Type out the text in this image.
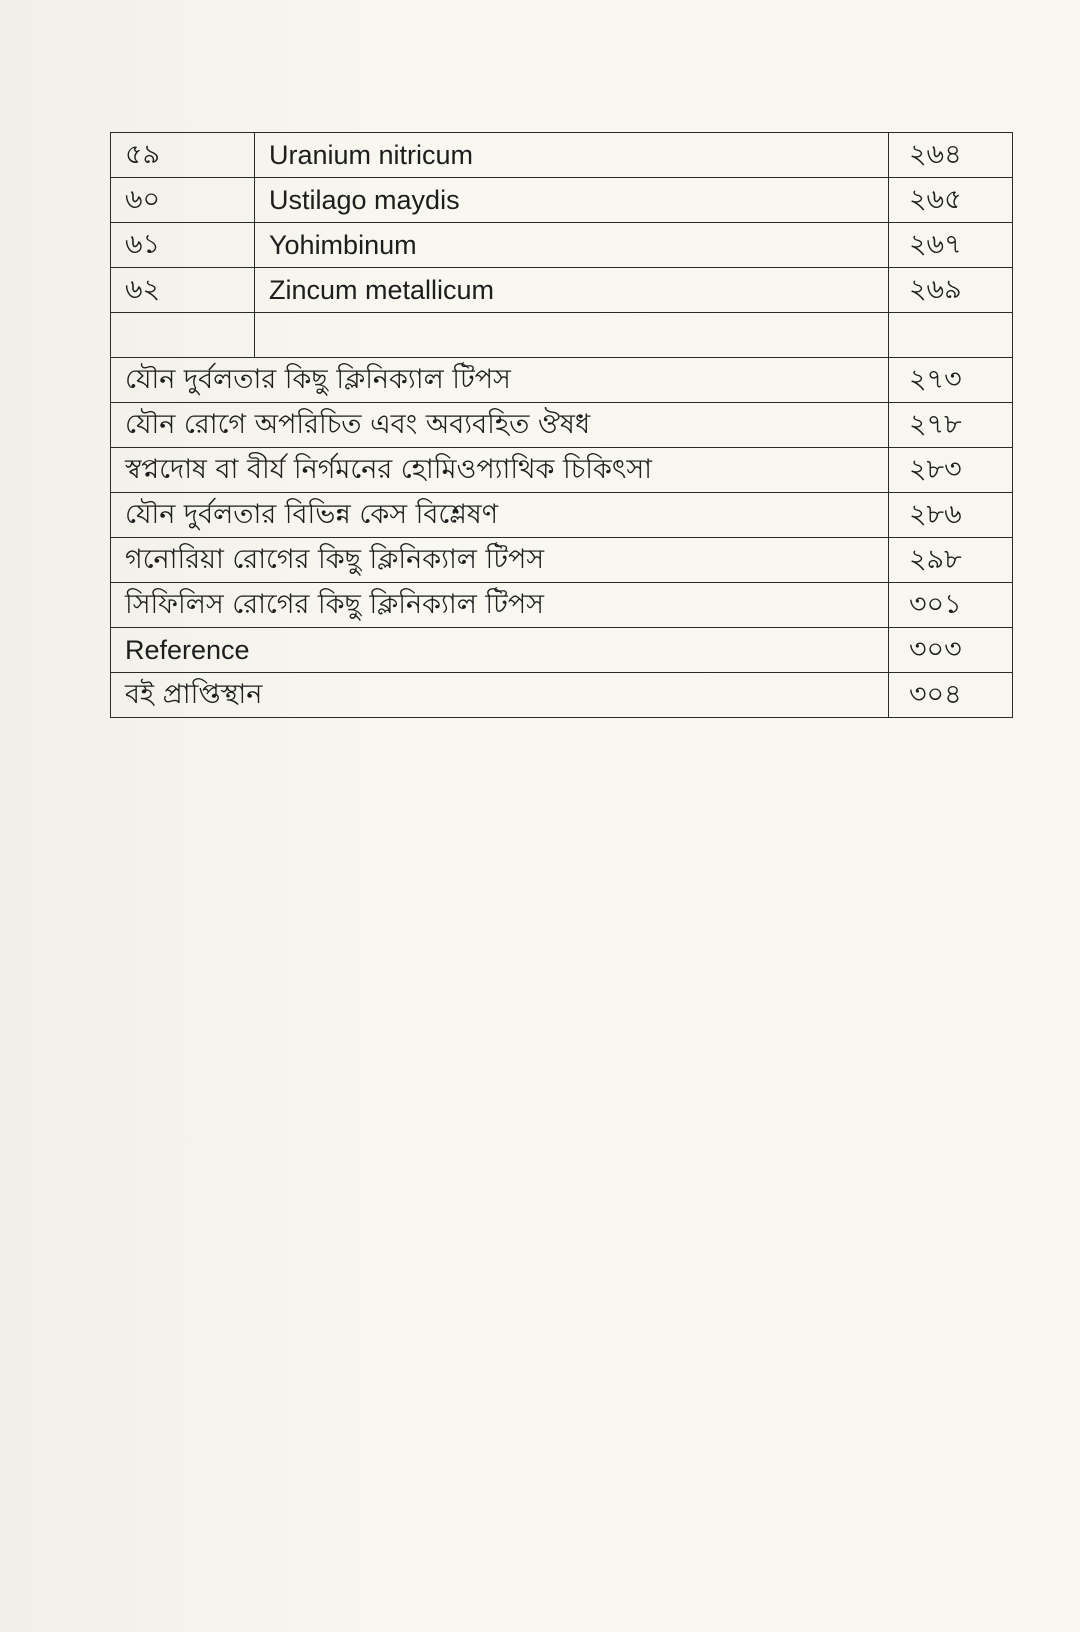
৫৯	Uranium nitricum	২৬৪
৬০	Ustilago maydis	২৬৫
৬১	Yohimbinum	২৬৭
৬২	Zincum metallicum	২৬৯

যৌন দুর্বলতার কিছু ক্লিনিক্যাল টিপস		২৭৩
যৌন রোগে অপরিচিত এবং অব্যবহিত ঔষধ		২৭৮
স্বপ্নদোষ বা বীর্য নির্গমনের হোমিওপ্যাথিক চিকিৎসা		২৮৩
যৌন দুর্বলতার বিভিন্ন কেস বিশ্লেষণ		২৮৬
গনোরিয়া রোগের কিছু ক্লিনিক্যাল টিপস		২৯৮
সিফিলিস রোগের কিছু ক্লিনিক্যাল টিপস		৩০১
Reference		৩০৩
বই প্রাপ্তিস্থান		৩০৪
